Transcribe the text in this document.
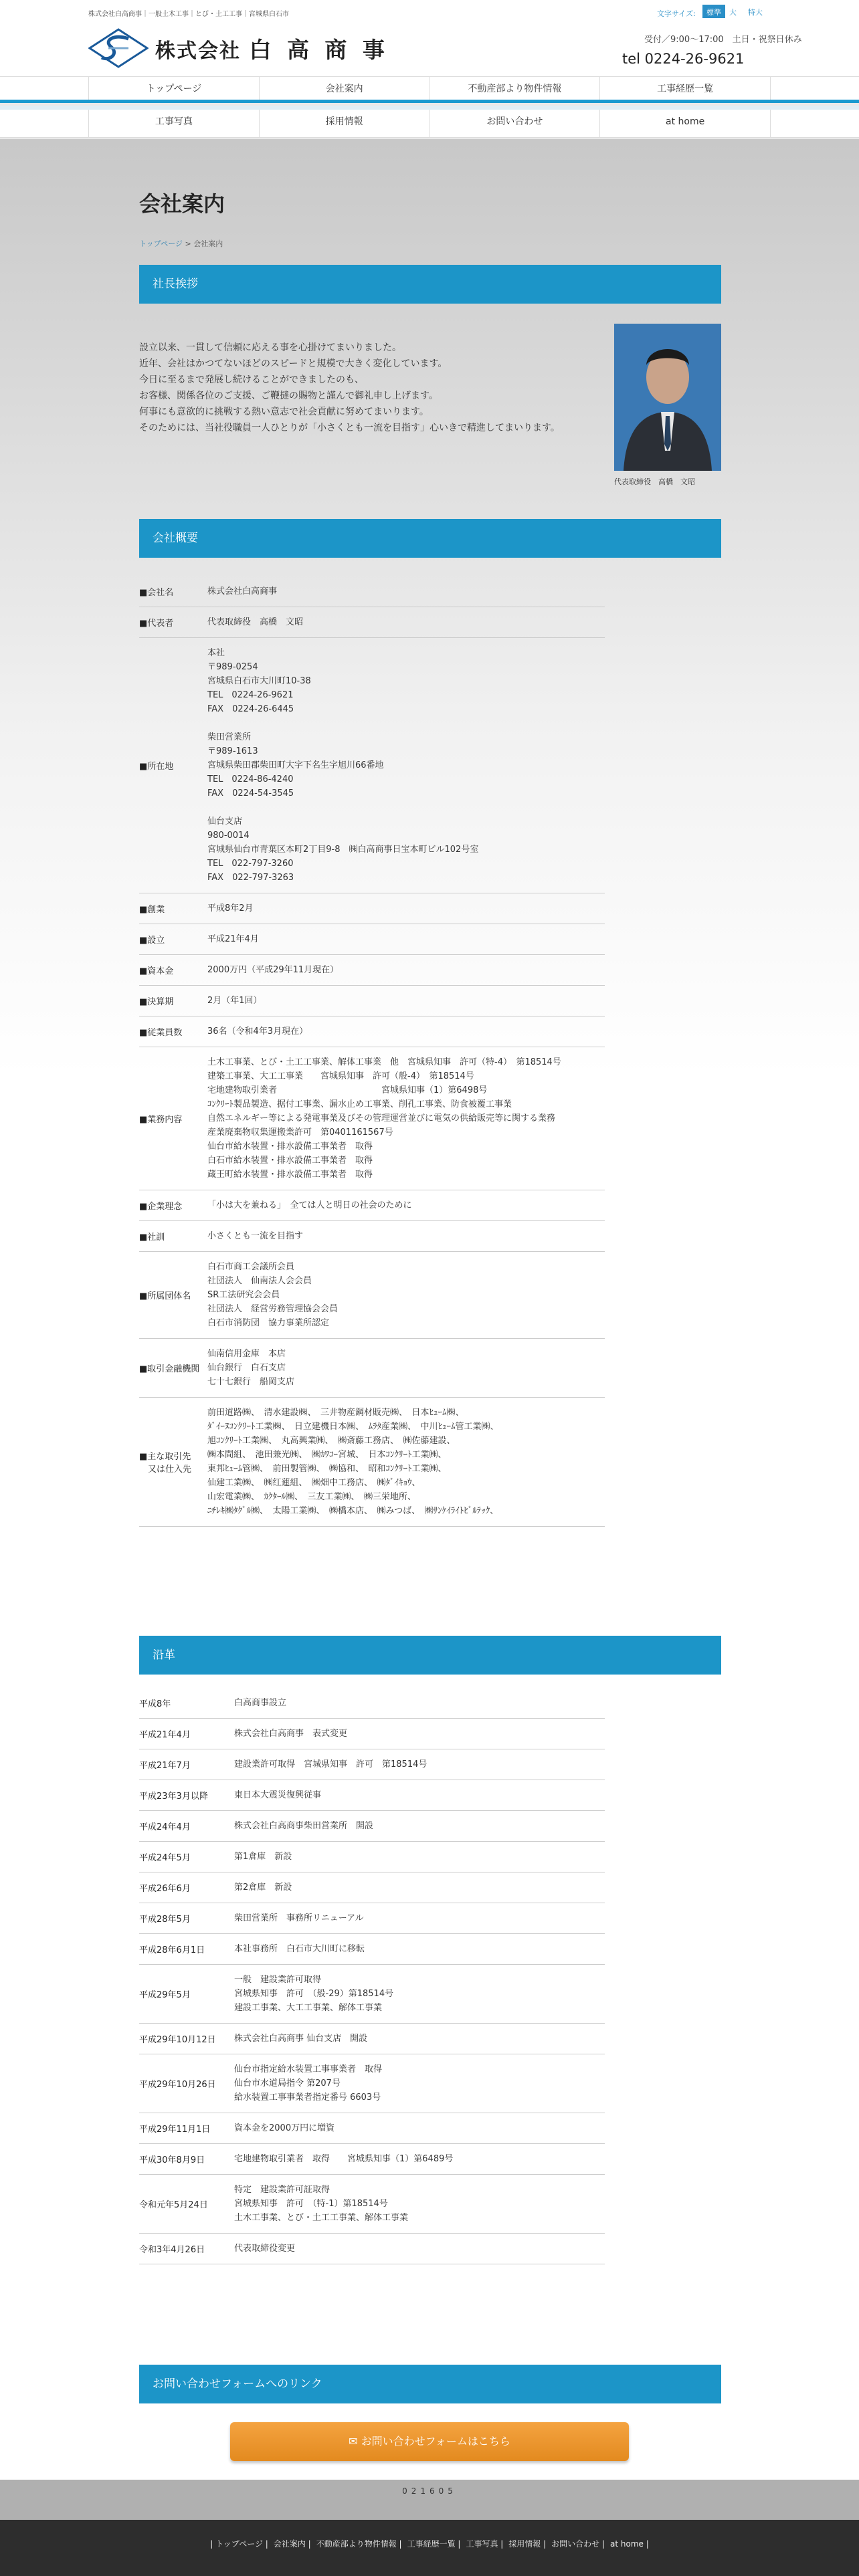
株式会社白高商事｜一般土木工事｜とび・土工工事｜宮城県白石市
株式会社 白 高 商 事
文字サイズ:	標準	大	特大
受付／9:00〜17:00　土日・祝祭日休み
tel 0224-26-9621
トップページ	会社案内	不動産部より物件情報	工事経歴一覧
工事写真	採用情報	お問い合わせ	at home
会社案内
トップページ > 会社案内
社長挨拶

設立以来、一貫して信頼に応える事を心掛けてまいりました。

近年、会社はかつてないほどのスピードと規模で大きく変化しています。

今日に至るまで発展し続けることができましたのも、

お客様、関係各位のご支援、ご鞭撻の賜物と謹んで御礼申し上げます。

何事にも意欲的に挑戦する熱い意志で社会貢献に努めてまいります。

そのためには、当社役職員一人ひとりが「小さくとも一流を目指す」心いきで精進してまいります。

代表取締役　高橋　文昭
会社概要
■会社名	株式会社白高商事
■代表者	代表取締役　高橋　文昭
■所在地
本社
〒989-0254
宮城県白石市大川町10-38
TEL　0224-26-9621
FAX　0224-26-6445

柴田営業所
〒989-1613
宮城県柴田郡柴田町大字下名生字旭川66番地
TEL　0224-86-4240
FAX　0224-54-3545

仙台支店
980-0014
宮城県仙台市青葉区本町2丁目9-8　㈱白高商事日宝本町ビル102号室
TEL　022-797-3260
FAX　022-797-3263
■創業	平成8年2月
■設立	平成21年4月
■資本金	2000万円（平成29年11月現在）
■決算期	2月（年1回）
■従業員数	36名（令和4年3月現在）
■業務内容
土木工事業、とび・土工工事業、解体工事業　他　宮城県知事　許可（特-4）　第18514号
建築工事業、大工工事業　　宮城県知事　許可（般-4）　第18514号
宅地建物取引業者　　　　　　　　　　　　宮城県知事（1）第6498号
ｺﾝｸﾘｰﾄ製品製造、据付工事業、漏水止め工事業、削孔工事業、防食被覆工事業
自然エネルギー等による発電事業及びその管理運営並びに電気の供給販売等に関する業務
産業廃棄物収集運搬業許可　第0401161567号
仙台市給水装置・排水設備工事業者　取得
白石市給水装置・排水設備工事業者　取得
蔵王町給水装置・排水設備工事業者　取得
■企業理念	「小は大を兼ねる」　全ては人と明日の社会のために
■社訓	小さくとも一流を目指す
■所属団体名
白石市商工会議所会員
社団法人　仙南法人会会員
SR工法研究会会員
社団法人　経営労務管理協会会員
白石市消防団　協力事業所認定
■取引金融機関
仙南信用金庫　本店
仙台銀行　白石支店
七十七銀行　船岡支店
■主な取引先
　又は仕入先
前田道路㈱、　清水建設㈱、　三井物産鋼材販売㈱、　日本ﾋｭｰﾑ㈱、
ﾀﾞｲｰﾇｺﾝｸﾘｰﾄ工業㈱、　日立建機日本㈱、　ﾑﾗﾀ産業㈱、　中川ﾋｭｰﾑ管工業㈱、
旭ｺﾝｸﾘｰﾄ工業㈱、　丸高興業㈱、　㈱斎藤工務店、　㈱佐藤建設、
㈱本間組、　池田兼光㈱、　㈱ｶﾜｺｰ宮城、　日本ｺﾝｸﾘｰﾄ工業㈱、
東邦ﾋｭｰﾑ管㈱、　前田製管㈱、　㈱協和、　昭和ｺﾝｸﾘｰﾄ工業㈱、
仙建工業㈱、　㈱红蓮組、　㈱畑中工務店、　㈱ﾀﾞｲｷｮｳ、
山宏電業㈱、　ｶｸﾀｰﾙ㈱、　三友工業㈱、　㈱三栄地所、
ﾆﾁﾚｷ㈱ﾀｸﾞﾙ㈱、　太陽工業㈱、　㈱橋本店、　㈱みつば、　㈱ｻﾝｹｲﾗｲﾄﾋﾞﾙﾃｯｸ、
沿革
平成8年	白高商事設立
平成21年4月	株式会社白高商事　表式変更
平成21年7月	建設業許可取得　宮城県知事　許可　第18514号
平成23年3月以降	東日本大震災復興従事
平成24年4月	株式会社白高商事柴田営業所　開設
平成24年5月	第1倉庫　新設
平成26年6月	第2倉庫　新設
平成28年5月	柴田営業所　事務所リニューアル
平成28年6月1日	本社事務所　白石市大川町に移転
平成29年5月
一般　建設業許可取得
宮城県知事　許可　（般-29）第18514号
建設工事業、大工工事業、解体工事業
平成29年10月12日	株式会社白高商事 仙台支店　開設
平成29年10月26日
仙台市指定給水装置工事事業者　取得
仙台市水道局指令 第207号
給水装置工事事業者指定番号 6603号
平成29年11月1日	資本金を2000万円に増資
平成30年8月9日	宅地建物取引業者　取得　　宮城県知事（1）第6489号
令和元年5月24日
特定　建設業許可証取得
宮城県知事　許可　（特-1）第18514号
土木工事業、とび・土工工事業、解体工事業
令和3年4月26日	代表取締役変更
お問い合わせフォームへのリンク
✉ お問い合わせフォームはこちら
021605
| トップページ | 会社案内 | 不動産部より物件情報 | 工事経歴一覧 | 工事写真 | 採用情報 | お問い合わせ | at home |
